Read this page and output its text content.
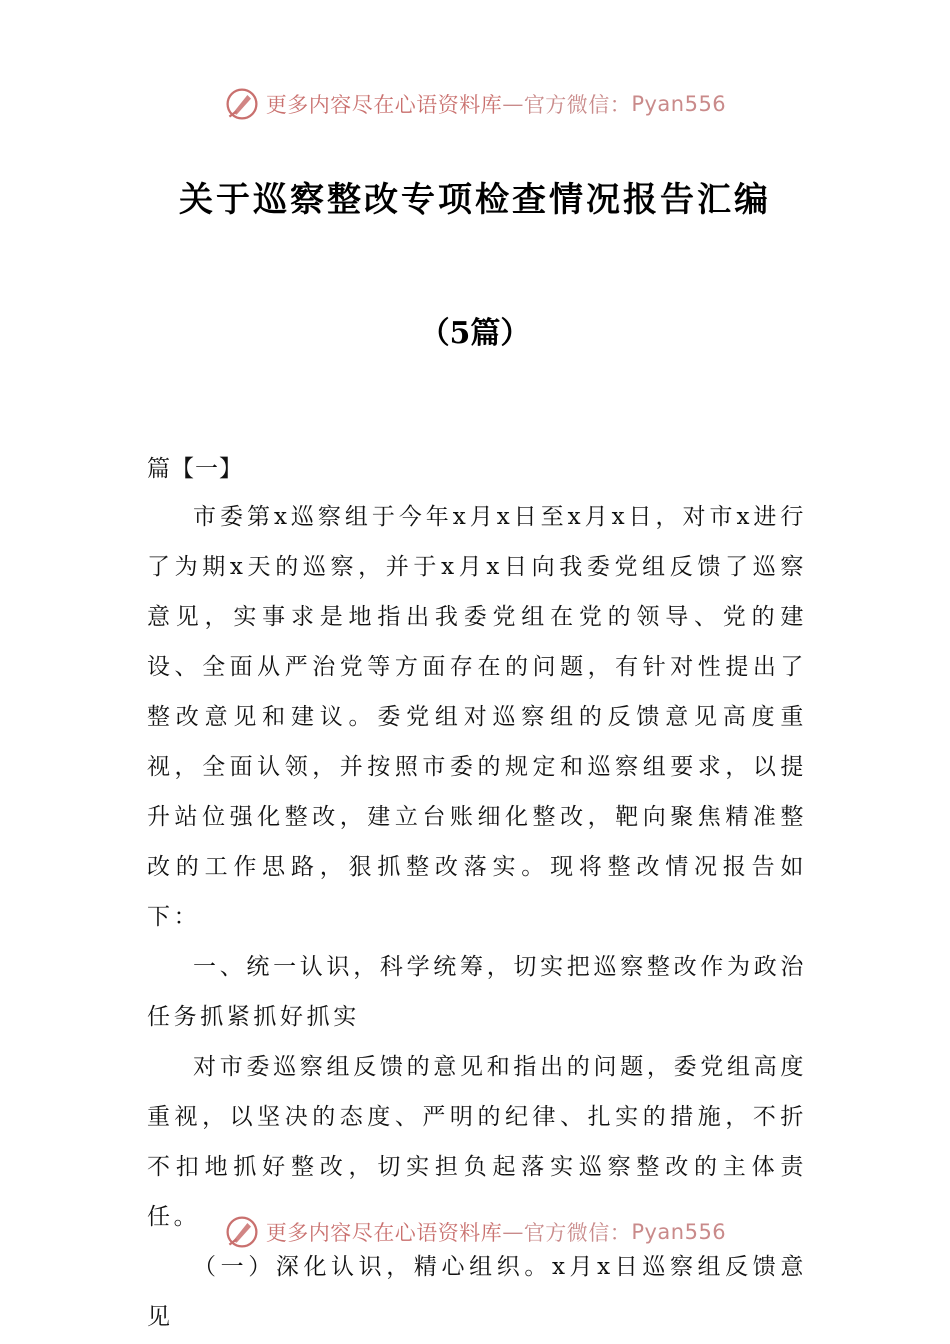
更多内容尽在心语资料库 — 官方微信： Pyan556
关于巡察整改专项检查情况报告汇编
（5篇）
篇【一】

市委第x巡察组于今年x月x日至x月x日，对市x进行了为期x天的巡察，并于x月x日向我委党组反馈了巡察意见，实事求是地指出我委党组在党的领导、党的建设、全面从严治党等方面存在的问题，有针对性提出了整改意见和建议。委党组对巡察组的反馈意见高度重视，全面认领，并按照市委的规定和巡察组要求，以提升站位强化整改，建立台账细化整改，靶向聚焦精准整改的工作思路，狠抓整改落实。现将整改情况报告如下：

一、统一认识，科学统筹，切实把巡察整改作为政治任务抓紧抓好抓实

对市委巡察组反馈的意见和指出的问题，委党组高度重视，以坚决的态度、严明的纪律、扎实的措施，不折不扣地抓好整改，切实担负起落实巡察整改的主体责任。

（一）深化认识，精心组织。x月x日巡察组反馈意见

更多内容尽在心语资料库 — 官方微信： Pyan556
